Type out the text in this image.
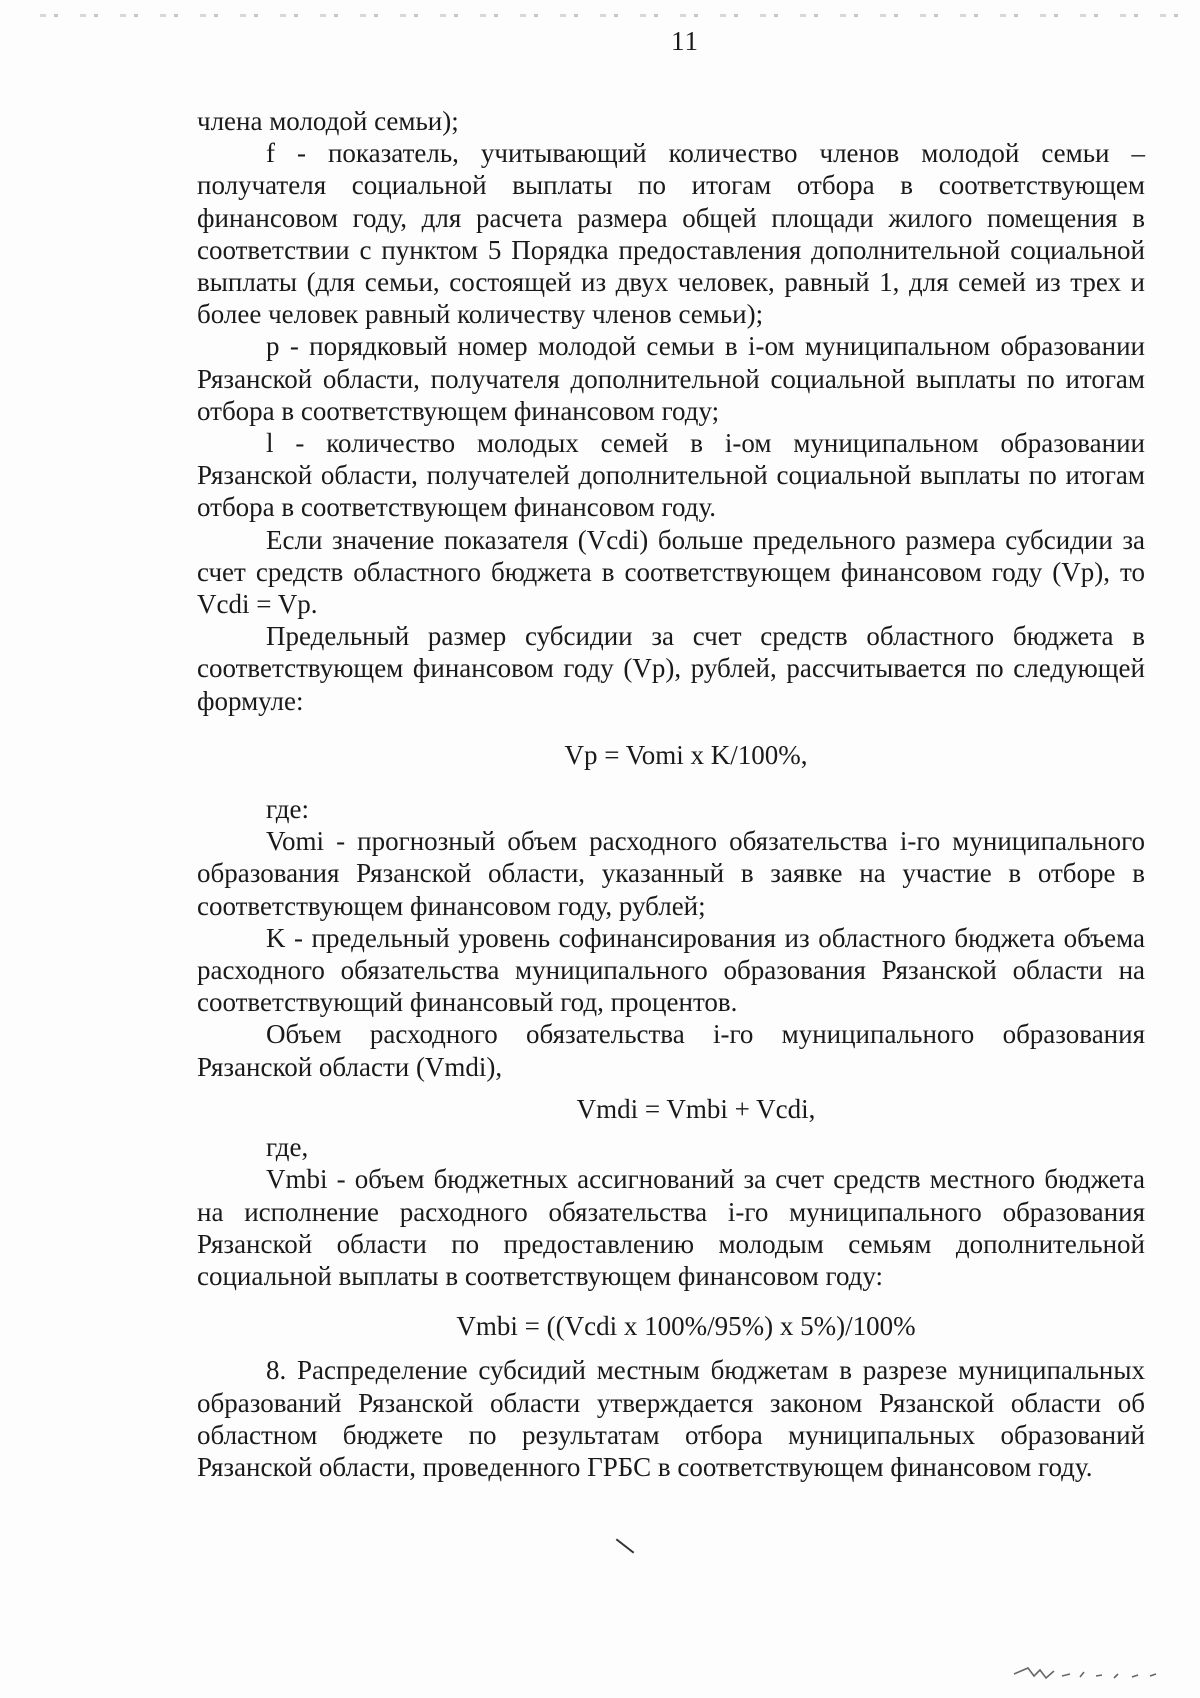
11

члена молодой семьи);

f - показатель, учитывающий количество членов молодой семьи – получателя социальной выплаты по итогам отбора в соответствующем финансовом году, для расчета размера общей площади жилого помещения в соответствии с пунктом 5 Порядка предоставления дополнительной социальной выплаты (для семьи, состоящей из двух человек, равный 1, для семей из трех и более человек равный количеству членов семьи);

p - порядковый номер молодой семьи в i-ом муниципальном образовании Рязанской области, получателя дополнительной социальной выплаты по итогам отбора в соответствующем финансовом году;

l - количество молодых семей в i-ом муниципальном образовании Рязанской области, получателей дополнительной социальной выплаты по итогам отбора в соответствующем финансовом году.

Если значение показателя (Vcdi) больше предельного размера субсидии за счет средств областного бюджета в соответствующем финансовом году (Vp), то Vcdi = Vp.

Предельный размер субсидии за счет средств областного бюджета в соответствующем финансовом году (Vp), рублей, рассчитывается по следующей формуле:

Vp = Vomi x K/100%,

где:

Vomi - прогнозный объем расходного обязательства i-го муниципального образования Рязанской области, указанный в заявке на участие в отборе в соответствующем финансовом году, рублей;

K - предельный уровень софинансирования из областного бюджета объема расходного обязательства муниципального образования Рязанской области на соответствующий финансовый год, процентов.

Объем расходного обязательства i-го муниципального образования Рязанской области (Vmdi),

Vmdi = Vmbi + Vcdi,

где,

Vmbi - объем бюджетных ассигнований за счет средств местного бюджета на исполнение расходного обязательства i-го муниципального образования Рязанской области по предоставлению молодым семьям дополнительной социальной выплаты в соответствующем финансовом году:

Vmbi = ((Vcdi x 100%/95%) x 5%)/100%

8. Распределение субсидий местным бюджетам в разрезе муниципальных образований Рязанской области утверждается законом Рязанской области об областном бюджете по результатам отбора муниципальных образований Рязанской области, проведенного ГРБС в соответствующем финансовом году.
